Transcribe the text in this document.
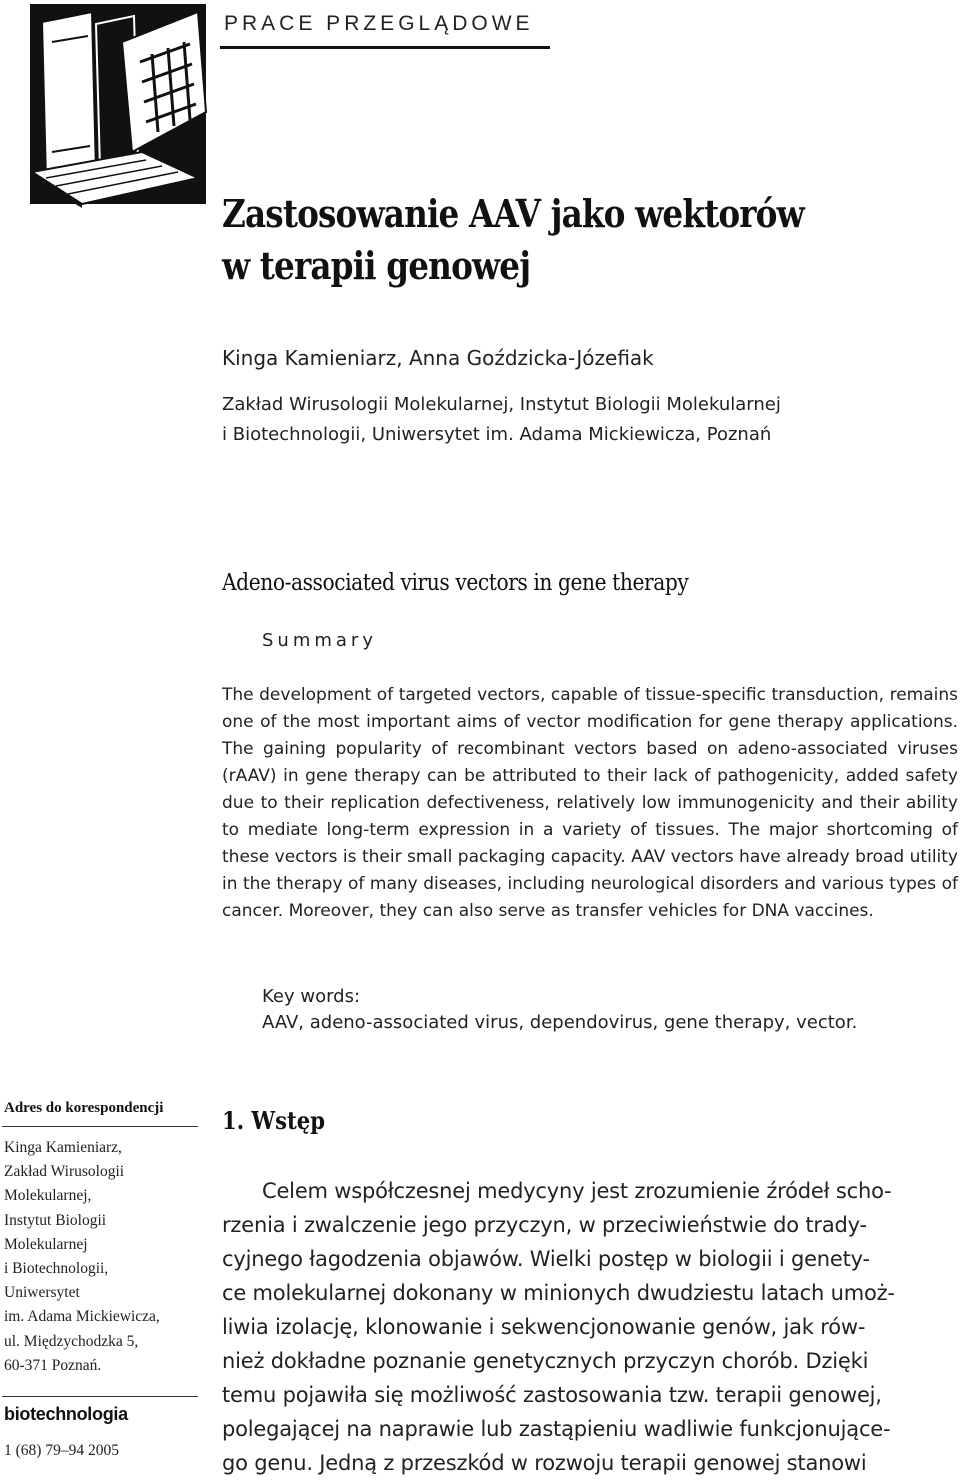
PRACE PRZEGLĄDOWE
Zastosowanie AAV jako wektorów
w terapii genowej
Kinga Kamieniarz, Anna Goździcka-Józefiak
Zakład Wirusologii Molekularnej, Instytut Biologii Molekularnej
i Biotechnologii, Uniwersytet im. Adama Mickiewicza, Poznań
Adeno-associated virus vectors in gene therapy
Summary
The development of targeted vectors, capable of tissue-specific transduction, remains one of the most important aims of vector modification for gene therapy applications. The gaining popularity of recombinant vectors based on adeno-associated viruses (rAAV) in gene therapy can be attributed to their lack of pathogenicity, added safety due to their replication defectiveness, relatively low immunogenicity and their ability to mediate long-term expression in a variety of tissues. The major shortcoming of these vectors is their small packaging capacity. AAV vectors have already broad utility in the therapy of many diseases, including neurological disorders and various types of cancer. Moreover, they can also serve as transfer vehicles for DNA vaccines.
Key words:
AAV, adeno-associated virus, dependovirus, gene therapy, vector.
Adres do korespondencji
Kinga Kamieniarz,
Zakład Wirusologii
Molekularnej,
Instytut Biologii
Molekularnej
i Biotechnologii,
Uniwersytet
im. Adama Mickiewicza,
ul. Międzychodzka 5,
60-371 Poznań.
biotechnologia
1 (68) 79–94 2005
1. Wstęp
Celem współczesnej medycyny jest zrozumienie źródeł scho-
rzenia i zwalczenie jego przyczyn, w przeciwieństwie do trady-
cyjnego łagodzenia objawów. Wielki postęp w biologii i genety-
ce molekularnej dokonany w minionych dwudziestu latach umoż-
liwia izolację, klonowanie i sekwencjonowanie genów, jak rów-
nież dokładne poznanie genetycznych przyczyn chorób. Dzięki
temu pojawiła się możliwość zastosowania tzw. terapii genowej,
polegającej na naprawie lub zastąpieniu wadliwie funkcjonujące-
go genu. Jedną z przeszkód w rozwoju terapii genowej stanowi
